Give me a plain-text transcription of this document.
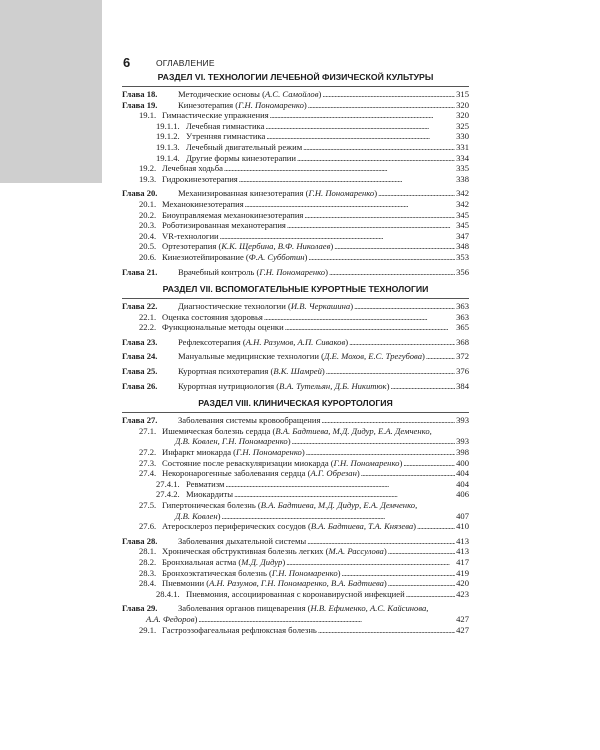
6	ОГЛАВЛЕНИЕ
РАЗДЕЛ VI. ТЕХНОЛОГИИ ЛЕЧЕБНОЙ ФИЗИЧЕСКОЙ КУЛЬТУРЫ
Глава 18. Методические основы (А.С. Самойлов) . . .	315
Глава 19. Кинезотерапия (Г.Н. Пономаренко) . . .	320
19.1. Гимнастические упражнения . . .	320
19.1.1. Лечебная гимнастика . . .	325
19.1.2. Утренняя гимнастика . . .	330
19.1.3. Лечебный двигательный режим . . .	331
19.1.4. Другие формы кинезотерапии . . .	334
19.2. Лечебная ходьба . . .	335
19.3. Гидрокинезотерапия . . .	338
Глава 20. Механизированная кинезотерапия (Г.Н. Пономаренко) . . .	342
20.1. Механокинезотерапия . . .	342
20.2. Биоуправляемая механокинезотерапия . . .	345
20.3. Роботизированная механотерапия . . .	345
20.4. VR-технологии . . .	347
20.5. Ортезотерапия (К.К. Щербина, В.Ф. Николаев) . . .	348
20.6. Кинезиотейпирование (Ф.А. Субботин) . . .	353
Глава 21. Врачебный контроль (Г.Н. Пономаренко) . . .	356
РАЗДЕЛ VII. ВСПОМОГАТЕЛЬНЫЕ КУРОРТНЫЕ ТЕХНОЛОГИИ
Глава 22. Диагностические технологии (И.В. Черкашина) . . .	363
22.1. Оценка состояния здоровья . . .	363
22.2. Функциональные методы оценки . . .	365
Глава 23. Рефлексотерапия (А.Н. Разумов, А.П. Сиваков) . . .	368
Глава 24. Мануальные медицинские технологии (Д.Е. Мохов, Е.С. Трегубова) . . .	372
Глава 25. Курортная психотерапия (В.К. Шамрей) . . .	376
Глава 26. Курортная нутрициология (В.А. Тутельян, Д.Б. Никитюк) . . .	384
РАЗДЕЛ VIII. КЛИНИЧЕСКАЯ КУРОРТОЛОГИЯ
Глава 27. Заболевания системы кровообращения . . .	393
27.1. Ишемическая болезнь сердца (В.А. Бадтиева, М.Д. Дидур, Е.А. Демченко,
Д.В. Ковлен, Г.Н. Пономаренко) . . .	393
27.2. Инфаркт миокарда (Г.Н. Пономаренко) . . .	398
27.3. Состояние после реваскуляризации миокарда (Г.Н. Пономаренко) . . .	400
27.4. Некоронарогенные заболевания сердца (А.Г. Обрезан) . . .	404
27.4.1. Ревматизм . . .	404
27.4.2. Миокардиты . . .	406
27.5. Гипертоническая болезнь (В.А. Бадтиева, М.Д. Дидур, Е.А. Демченко,
Д.В. Ковлен) . . .	407
27.6. Атеросклероз периферических сосудов (В.А. Бадтиева, Т.А. Князева) . . .	410
Глава 28. Заболевания дыхательной системы . . .	413
28.1. Хроническая обструктивная болезнь легких (М.А. Рассулова) . . .	413
28.2. Бронхиальная астма (М.Д. Дидур) . . .	417
28.3. Бронхоэктатическая болезнь (Г.Н. Пономаренко) . . .	419
28.4. Пневмонии (А.Н. Разумов, Г.Н. Пономаренко, В.А. Бадтиева) . . .	420
28.4.1. Пневмония, ассоциированная с коронавирусной инфекцией . . .	423
Глава 29. Заболевания органов пищеварения (Н.В. Ефименко, А.С. Кайсинова,
А.А. Федоров) . . .	427
29.1. Гастроэзофагеальная рефлюксная болезнь . . .	427
